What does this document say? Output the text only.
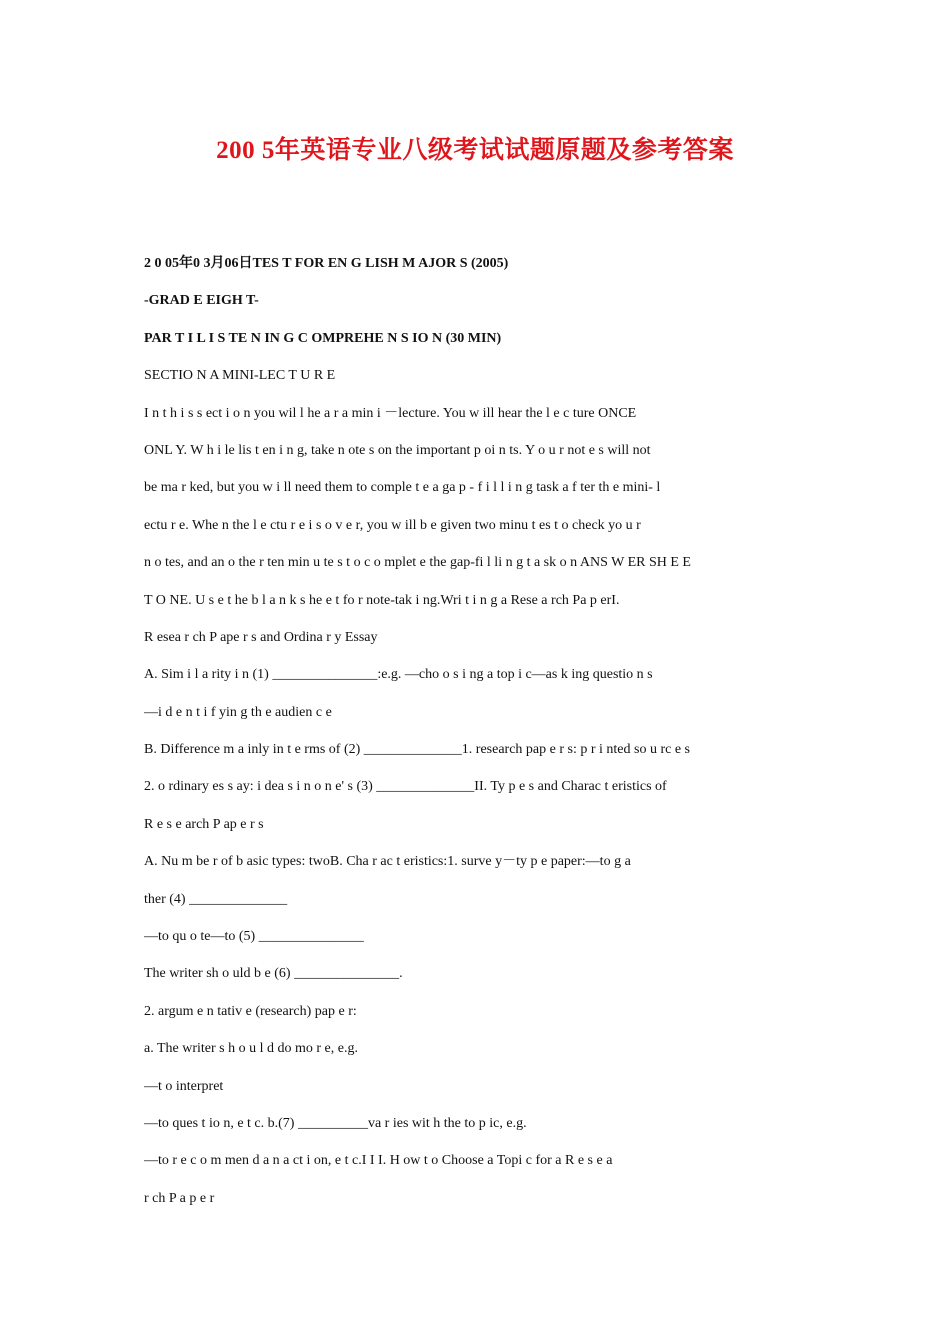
200 5年英语专业八级考试试题原题及参考答案
2 0 05年0 3月06日​TES T FOR EN G LISH M AJOR S (2005)
-GRAD E EIGH T-
PAR T I L I S TE N IN G C OMPREHE N S IO N (30 MIN)
SECTIO N A MINI-LEC T U R E
I n t h i s s ect i o n you wil l he a r a min i －lecture. You w ill hear the l e c ture ONCE
ONL Y. W h i le lis t en i n g, take n ote s on the important p oi n ts. Y o u r not e s will not
be ma r ked, but you w i ll need them to comple t e a ga p - f i l l i n g task a f ter th e mini- l
ectu r e. Whe n the l e ctu r e i s o v e r, you w ill b e given two minu t es t o check yo u r
n o tes, and an o the r ten min u te s t o c o mplet e the gap-fi l li n g t a sk o n ANS W ER SH E E
T O NE. U s e t he b l a n k s he e t fo r note-tak i ng.​​Wri t i n g a Rese a rch Pa p er​I.
R esea r ch P ape r s and Ordina r y Essay
A. Sim i l a rity i n (1) _______________:​e.g. —cho o s i ng a top i c​—as k ing questio n s
—i d e n t i f yin g th e audien c e
B. Difference m a inly in t e rms of (2) ______________1​. research pap e r s: p r i nted so u rc e s
2. o rdinary es s ay: i dea s i n o n e' s (3) ______________​II. Ty p e s and Charac t eristics of
R e s e arch P ap e r s
A. Nu m be r of b asic types: two​B. Cha r ac t eristics:1​. surve y－ty p e paper:​—to g a
ther (4) ______________
—to qu o te​—to (5) _______________
The writer sh o uld b e (6) _______________.
2. argum e n tativ e (research) pap e r:
a. The writer s h o u l d do mo r e, e.g.
—t o interpret
—to ques t io n, e t c. ​b.(7) __________va r ies wit h the to p ic, e.g.
—to r e c o m men d a n a ct i on, e t c.​I I I. H ow t o Choose a Topi c for a R e s e a
r ch P a p e r
